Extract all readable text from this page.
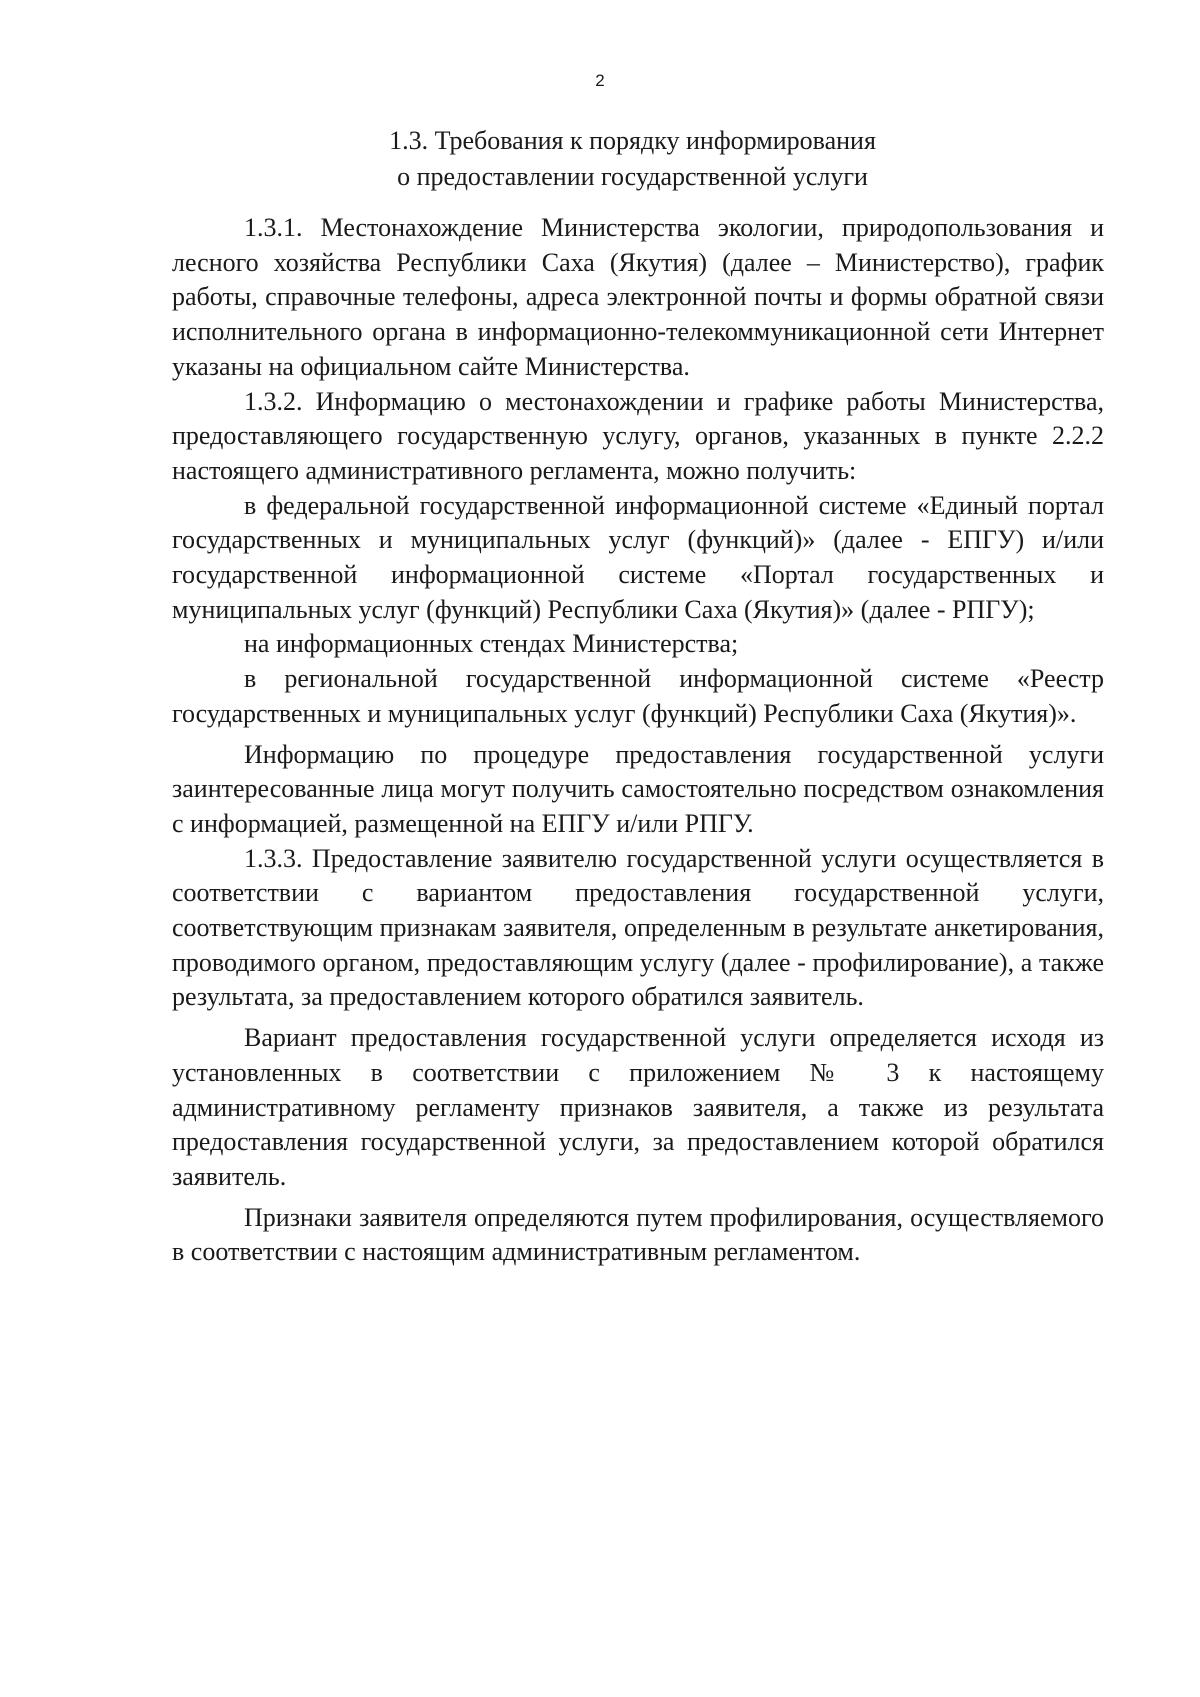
2
1.3. Требования к порядку информирования
о предоставлении государственной услуги

1.3.1. Местонахождение Министерства экологии, природопользования и лесного хозяйства Республики Саха (Якутия) (далее – Министерство), график работы, справочные телефоны, адреса электронной почты и формы обратной связи исполнительного органа в информационно-телекоммуникационной сети Интернет указаны на официальном сайте Министерства.

1.3.2. Информацию о местонахождении и графике работы Министерства, предоставляющего государственную услугу, органов, указанных в пункте 2.2.2 настоящего административного регламента, можно получить:

в федеральной государственной информационной системе «Единый портал государственных и муниципальных услуг (функций)» (далее - ЕПГУ) и/или государственной информационной системе «Портал государственных и муниципальных услуг (функций) Республики Саха (Якутия)» (далее - РПГУ);

на информационных стендах Министерства;

в региональной государственной информационной системе «Реестр государственных и муниципальных услуг (функций) Республики Саха (Якутия)».

Информацию по процедуре предоставления государственной услуги заинтересованные лица могут получить самостоятельно посредством ознакомления с информацией, размещенной на ЕПГУ и/или РПГУ.

1.3.3. Предоставление заявителю государственной услуги осуществляется в соответствии с вариантом предоставления государственной услуги, соответствующим признакам заявителя, определенным в результате анкетирования, проводимого органом, предоставляющим услугу (далее - профилирование), а также результата, за предоставлением которого обратился заявитель.

Вариант предоставления государственной услуги определяется исходя из установленных в соответствии с приложением № 3 к настоящему административному регламенту признаков заявителя, а также из результата предоставления государственной услуги, за предоставлением которой обратился заявитель.

Признаки заявителя определяются путем профилирования, осуществляемого в соответствии с настоящим административным регламентом.
